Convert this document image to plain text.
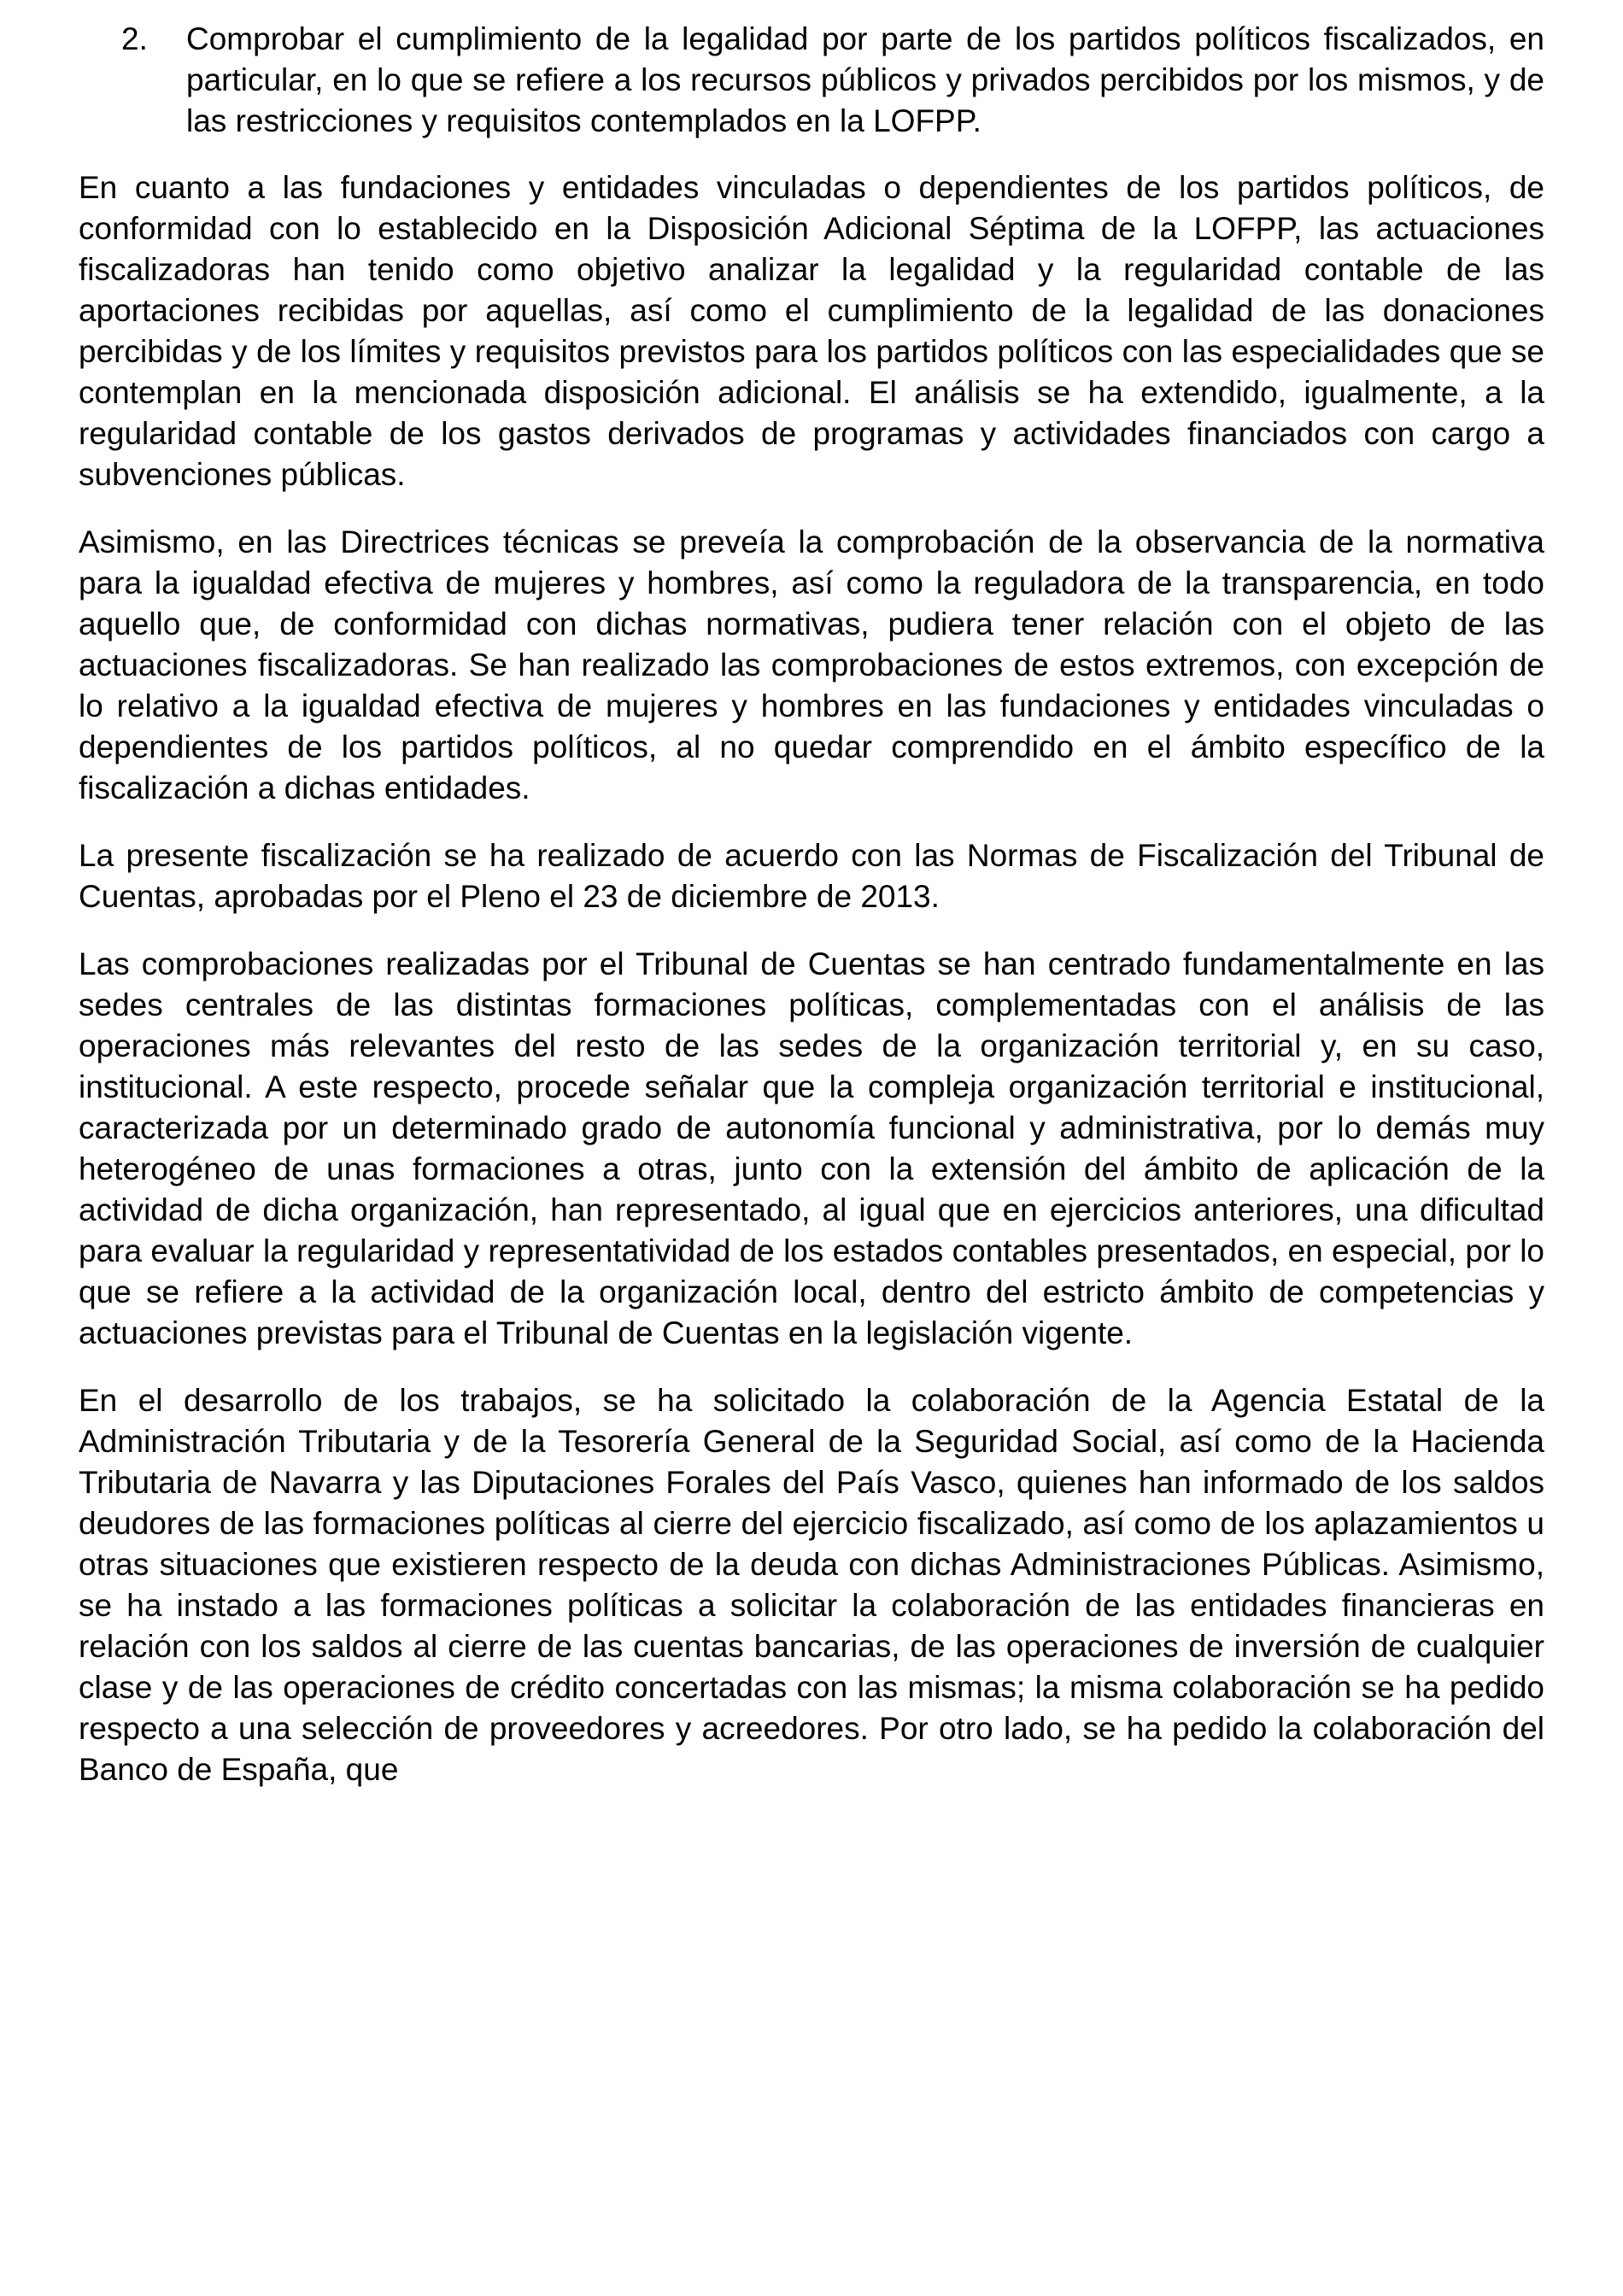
2.	Comprobar el cumplimiento de la legalidad por parte de los partidos políticos fiscalizados, en particular, en lo que se refiere a los recursos públicos y privados percibidos por los mismos, y de las restricciones y requisitos contemplados en la LOFPP.

En cuanto a las fundaciones y entidades vinculadas o dependientes de los partidos políticos, de conformidad con lo establecido en la Disposición Adicional Séptima de la LOFPP, las actuaciones fiscalizadoras han tenido como objetivo analizar la legalidad y la regularidad contable de las aportaciones recibidas por aquellas, así como el cumplimiento de la legalidad de las donaciones percibidas y de los límites y requisitos previstos para los partidos políticos con las especialidades que se contemplan en la mencionada disposición adicional. El análisis se ha extendido, igualmente, a la regularidad contable de los gastos derivados de programas y actividades financiados con cargo a subvenciones públicas.

Asimismo, en las Directrices técnicas se preveía la comprobación de la observancia de la normativa para la igualdad efectiva de mujeres y hombres, así como la reguladora de la transparencia, en todo aquello que, de conformidad con dichas normativas, pudiera tener relación con el objeto de las actuaciones fiscalizadoras. Se han realizado las comprobaciones de estos extremos, con excepción de lo relativo a la igualdad efectiva de mujeres y hombres en las fundaciones y entidades vinculadas o dependientes de los partidos políticos, al no quedar comprendido en el ámbito específico de la fiscalización a dichas entidades.

La presente fiscalización se ha realizado de acuerdo con las Normas de Fiscalización del Tribunal de Cuentas, aprobadas por el Pleno el 23 de diciembre de 2013.

Las comprobaciones realizadas por el Tribunal de Cuentas se han centrado fundamentalmente en las sedes centrales de las distintas formaciones políticas, complementadas con el análisis de las operaciones más relevantes del resto de las sedes de la organización territorial y, en su caso, institucional. A este respecto, procede señalar que la compleja organización territorial e institucional, caracterizada por un determinado grado de autonomía funcional y administrativa, por lo demás muy heterogéneo de unas formaciones a otras, junto con la extensión del ámbito de aplicación de la actividad de dicha organización, han representado, al igual que en ejercicios anteriores, una dificultad para evaluar la regularidad y representatividad de los estados contables presentados, en especial, por lo que se refiere a la actividad de la organización local, dentro del estricto ámbito de competencias y actuaciones previstas para el Tribunal de Cuentas en la legislación vigente.

En el desarrollo de los trabajos, se ha solicitado la colaboración de la Agencia Estatal de la Administración Tributaria y de la Tesorería General de la Seguridad Social, así como de la Hacienda Tributaria de Navarra y las Diputaciones Forales del País Vasco, quienes han informado de los saldos deudores de las formaciones políticas al cierre del ejercicio fiscalizado, así como de los aplazamientos u otras situaciones que existieren respecto de la deuda con dichas Administraciones Públicas. Asimismo, se ha instado a las formaciones políticas a solicitar la colaboración de las entidades financieras en relación con los saldos al cierre de las cuentas bancarias, de las operaciones de inversión de cualquier clase y de las operaciones de crédito concertadas con las mismas; la misma colaboración se ha pedido respecto a una selección de proveedores y acreedores. Por otro lado, se ha pedido la colaboración del Banco de España, que
